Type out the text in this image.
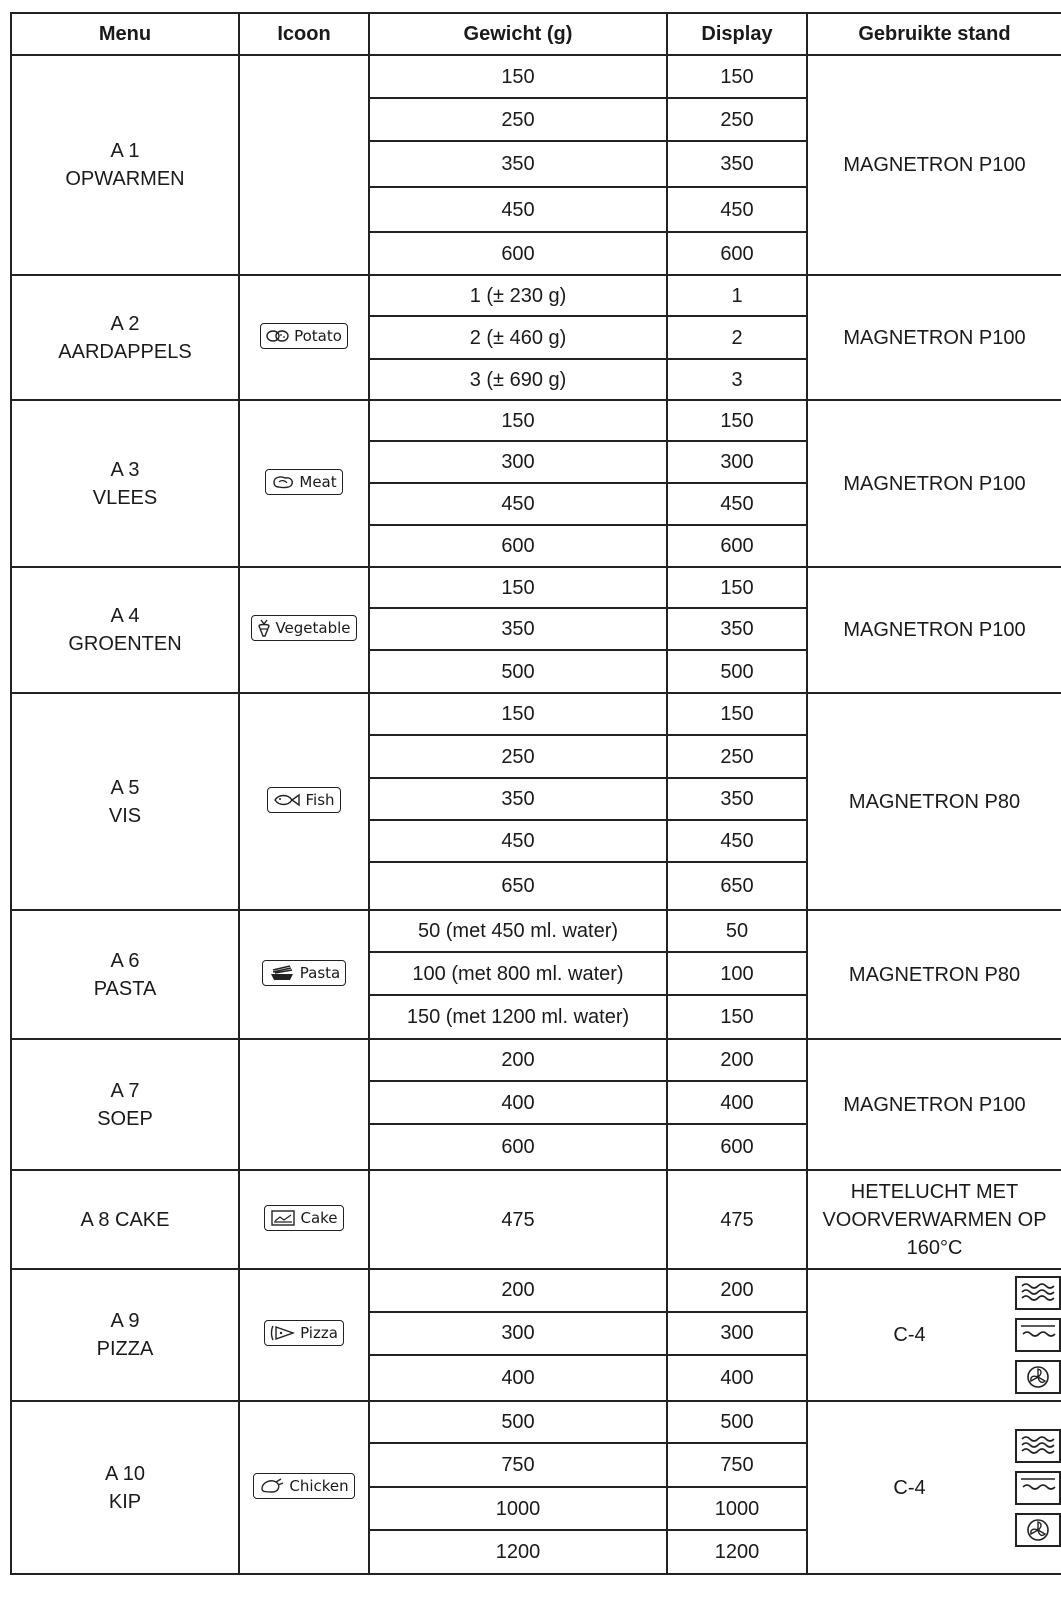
Menu	Icoon	Gewicht (g)	Display	Gebruikte stand

A 1
OPWARMEN		150	150	MAGNETRON P100

		250	250	
		350	350	
		450	450	
		600	600	

A 2
AARDAPPELS	Potato	1 (± 230 g)	1	MAGNETRON P100

		2 (± 460 g)	2	
		3 (± 690 g)	3	

A 3
VLEES	Meat	150	150	MAGNETRON P100

		300	300	
		450	450	
		600	600	

A 4
GROENTEN	Vegetable	150	150	MAGNETRON P100

		350	350	
		500	500	

A 5
VIS	Fish	150	150	MAGNETRON P80

		250	250	
		350	350	
		450	450	
		650	650	

A 6
PASTA	Pasta	50 (met 450 ml. water)	50	MAGNETRON P80

		100 (met 800 ml. water)	100	
		150 (met 1200 ml. water)	150	

A 7
SOEP		200	200	MAGNETRON P100

		400	400	
		600	600	

A 8 CAKE	Cake	475	475	HETELUCHT MET VOORVERWARMEN OP 160°C

A 9
PIZZA	Pizza	200	200	C-4

		300	300	
		400	400	

A 10
KIP	Chicken	500	500	C-4

		750	750	
		1000	1000	
		1200	1200	
